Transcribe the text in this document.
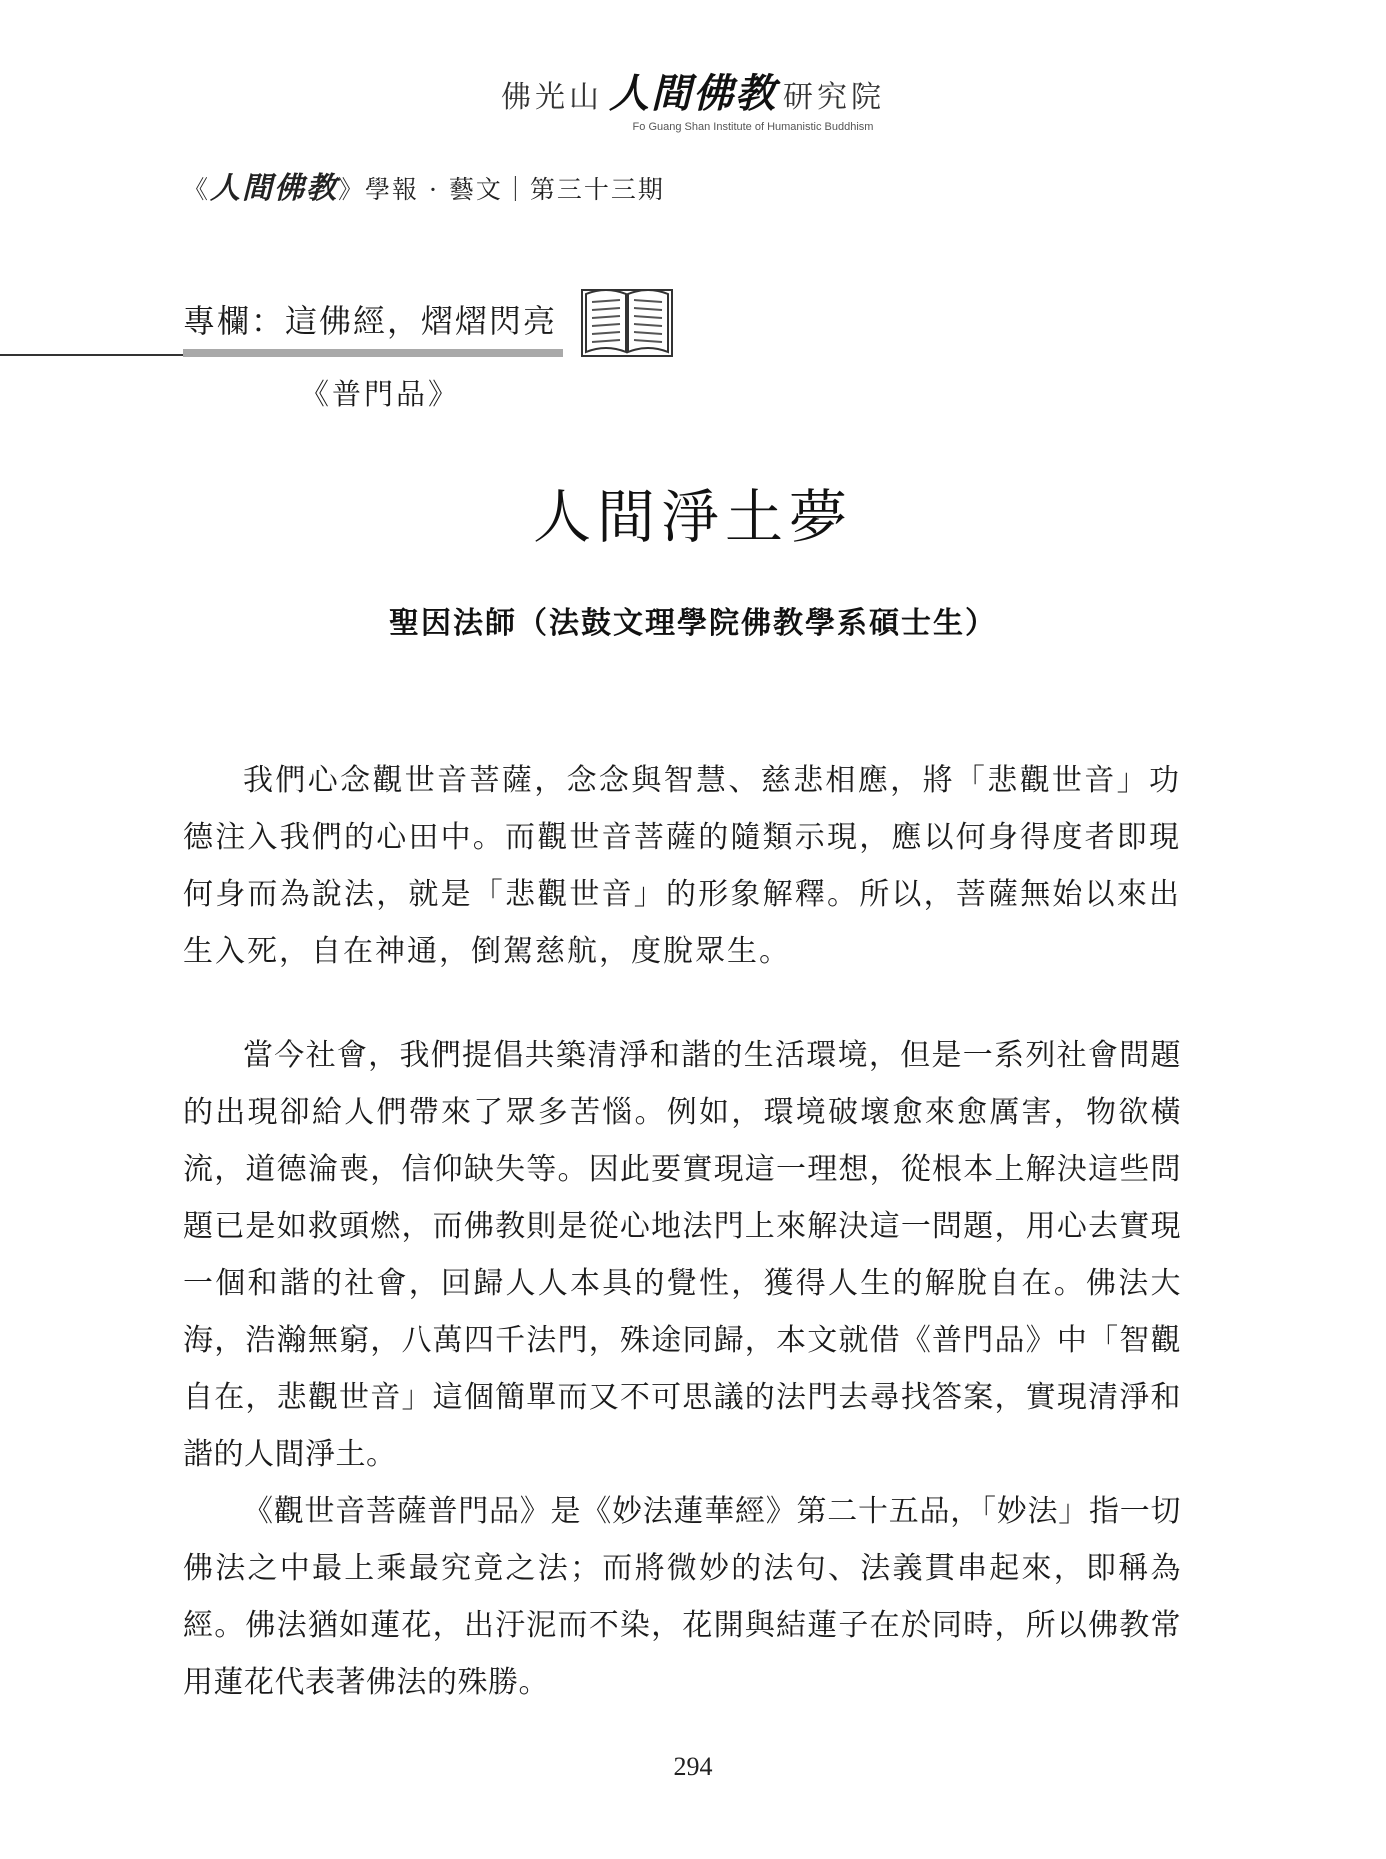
佛光山 人間佛教 研究院
Fo Guang Shan Institute of Humanistic Buddhism
《人間佛教》學報 · 藝文｜第三十三期
專欄：這佛經，熠熠閃亮
《普門品》
人間淨土夢
聖因法師（法鼓文理學院佛教學系碩士生）

我們心念觀世音菩薩，念念與智慧、慈悲相應，將「悲觀世音」功德注入我們的心田中。而觀世音菩薩的隨類示現，應以何身得度者即現何身而為說法，就是「悲觀世音」的形象解釋。所以，菩薩無始以來出生入死，自在神通，倒駕慈航，度脫眾生。

當今社會，我們提倡共築清淨和諧的生活環境，但是一系列社會問題的出現卻給人們帶來了眾多苦惱。例如，環境破壞愈來愈厲害，物欲橫流，道德淪喪，信仰缺失等。因此要實現這一理想，從根本上解決這些問題已是如救頭燃，而佛教則是從心地法門上來解決這一問題，用心去實現一個和諧的社會，回歸人人本具的覺性，獲得人生的解脫自在。佛法大海，浩瀚無窮，八萬四千法門，殊途同歸，本文就借《普門品》中「智觀自在，悲觀世音」這個簡單而又不可思議的法門去尋找答案，實現清淨和諧的人間淨土。

《觀世音菩薩普門品》是《妙法蓮華經》第二十五品，「妙法」指一切佛法之中最上乘最究竟之法；而將微妙的法句、法義貫串起來，即稱為經。佛法猶如蓮花，出汙泥而不染，花開與結蓮子在於同時，所以佛教常用蓮花代表著佛法的殊勝。

294
